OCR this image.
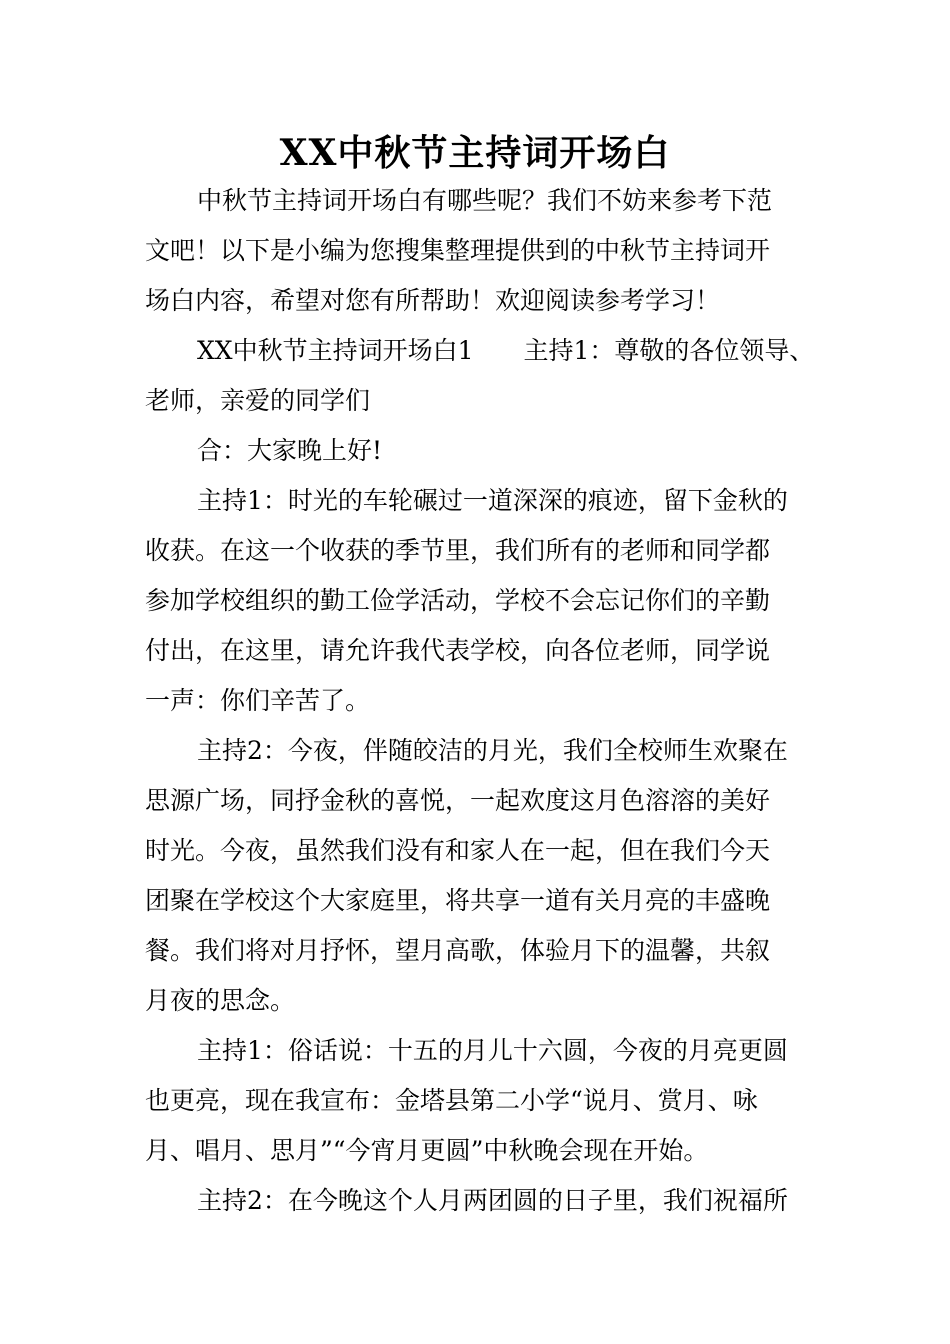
XX中秋节主持词开场白
中秋节主持词开场白有哪些呢？我们不妨来参考下范
文吧！以下是小编为您搜集整理提供到的中秋节主持词开
场白内容，希望对您有所帮助！欢迎阅读参考学习！
XX中秋节主持词开场白1　　主持1：尊敬的各位领导、
老师，亲爱的同学们
合：大家晚上好!
主持1：时光的车轮碾过一道深深的痕迹，留下金秋的
收获。在这一个收获的季节里，我们所有的老师和同学都
参加学校组织的勤工俭学活动，学校不会忘记你们的辛勤
付出，在这里，请允许我代表学校，向各位老师，同学说
一声：你们辛苦了。
主持2：今夜，伴随皎洁的月光，我们全校师生欢聚在
思源广场，同抒金秋的喜悦，一起欢度这月色溶溶的美好
时光。今夜，虽然我们没有和家人在一起，但在我们今天
团聚在学校这个大家庭里，将共享一道有关月亮的丰盛晚
餐。我们将对月抒怀，望月高歌，体验月下的温馨，共叙
月夜的思念。
主持1：俗话说：十五的月儿十六圆，今夜的月亮更圆
也更亮，现在我宣布：金塔县第二小学“说月、赏月、咏
月、唱月、思月”“今宵月更圆”中秋晚会现在开始。
主持2：在今晚这个人月两团圆的日子里，我们祝福所
